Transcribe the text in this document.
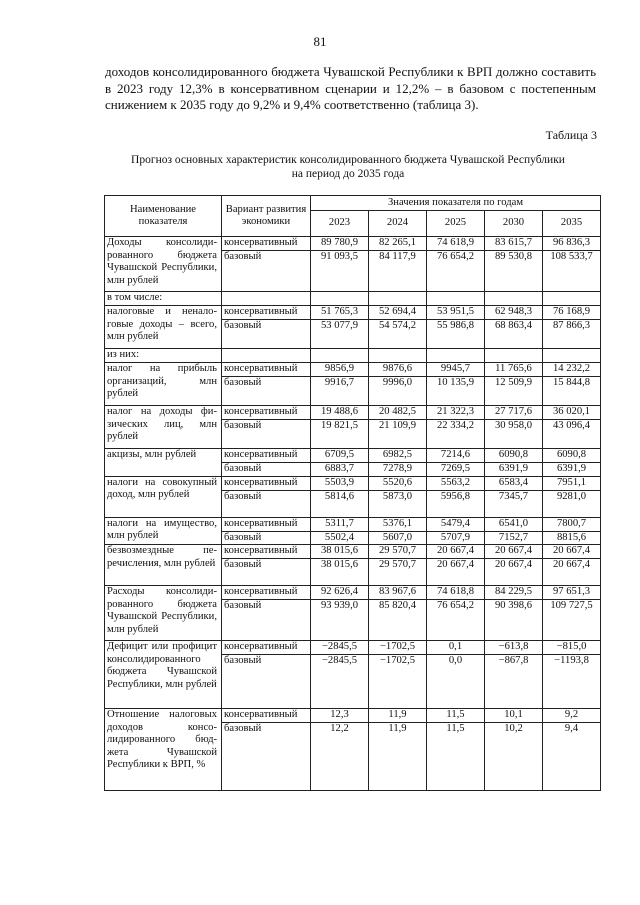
81

доходов консолидированного бюджета Чувашской Республики к ВРП должно составить в 2023 году 12,3% в консервативном сценарии и 12,2% – в базовом с постепенным снижением к 2035 году до 9,2% и 9,4% соответственно (таблица 3).

Таблица 3
Прогноз основных характеристик консолидированного бюджета Чувашской Республики
на период до 2035 года
Наименование показателя	Вариант развития экономики	Значения показателя по годам				
		2023	2024	2025	2030	2035
Доходы консолидированного бюджета Чувашской Республики, млн рублей	консервативный	89 780,9	82 265,1	74 618,9	83 615,7	96 836,3
	базовый	91 093,5	84 117,9	76 654,2	89 530,8	108 533,7
в том числе:						
налоговые и неналоговые доходы – всего, млн рублей	консервативный	51 765,3	52 694,4	53 951,5	62 948,3	76 168,9
	базовый	53 077,9	54 574,2	55 986,8	68 863,4	87 866,3
из них:						
налог на прибыль организаций, млн рублей	консервативный	9856,9	9876,6	9945,7	11 765,6	14 232,2
	базовый	9916,7	9996,0	10 135,9	12 509,9	15 844,8
налог на доходы физических лиц, млн рублей	консервативный	19 488,6	20 482,5	21 322,3	27 717,6	36 020,1
	базовый	19 821,5	21 109,9	22 334,2	30 958,0	43 096,4
акцизы, млн рублей	консервативный	6709,5	6982,5	7214,6	6090,8	6090,8
	базовый	6883,7	7278,9	7269,5	6391,9	6391,9
налоги на совокупный доход, млн рублей	консервативный	5503,9	5520,6	5563,2	6583,4	7951,1
	базовый	5814,6	5873,0	5956,8	7345,7	9281,0
налоги на имущество, млн рублей	консервативный	5311,7	5376,1	5479,4	6541,0	7800,7
	базовый	5502,4	5607,0	5707,9	7152,7	8815,6
безвозмездные перечисления, млн рублей	консервативный	38 015,6	29 570,7	20 667,4	20 667,4	20 667,4
	базовый	38 015,6	29 570,7	20 667,4	20 667,4	20 667,4
Расходы консолидированного бюджета Чувашской Республики, млн рублей	консервативный	92 626,4	83 967,6	74 618,8	84 229,5	97 651,3
	базовый	93 939,0	85 820,4	76 654,2	90 398,6	109 727,5
Дефицит или профицит консолидированного бюджета Чувашской Республики, млн рублей	консервативный	−2845,5	−1702,5	0,1	−613,8	−815,0
	базовый	−2845,5	−1702,5	0,0	−867,8	−1193,8
Отношение налоговых доходов консолидированного бюджета Чувашской Республики к ВРП, %	консервативный	12,3	11,9	11,5	10,1	9,2
	базовый	12,2	11,9	11,5	10,2	9,4
